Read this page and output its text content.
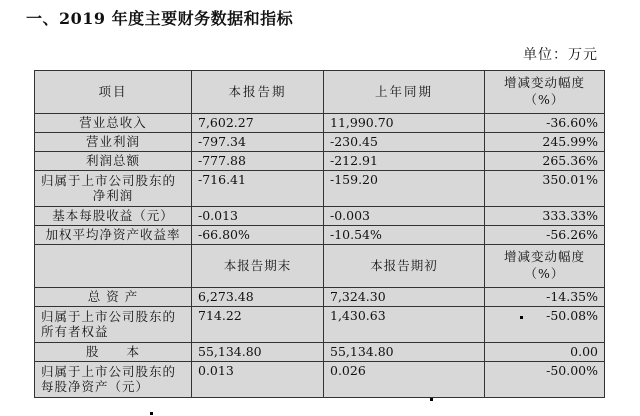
一、2019 年度主要财务数据和指标
单位：万元
项目	本报告期	上年同期	增减变动幅度
（%）

营业总收入	7,602.27	11,990.70	-36.60%
营业利润	-797.34	-230.45	245.99%
利润总额	-777.88	-212.91	265.36%

归属于上市公司股东的
净利润	-716.41	-159.20	350.01%
基本每股收益（元）	-0.013	-0.003	333.33%
加权平均净资产收益率	-66.80%	-10.54%	-56.26%
	本报告期末	本报告期初	增减变动幅度
（%）

总 资 产	6,273.48	7,324.30	-14.35%

归属于上市公司股东的
所有者权益	714.22	1,430.63	-50.08%
股　　本	55,134.80	55,134.80	0.00

归属于上市公司股东的
每股净资产（元）	0.013	0.026	-50.00%
